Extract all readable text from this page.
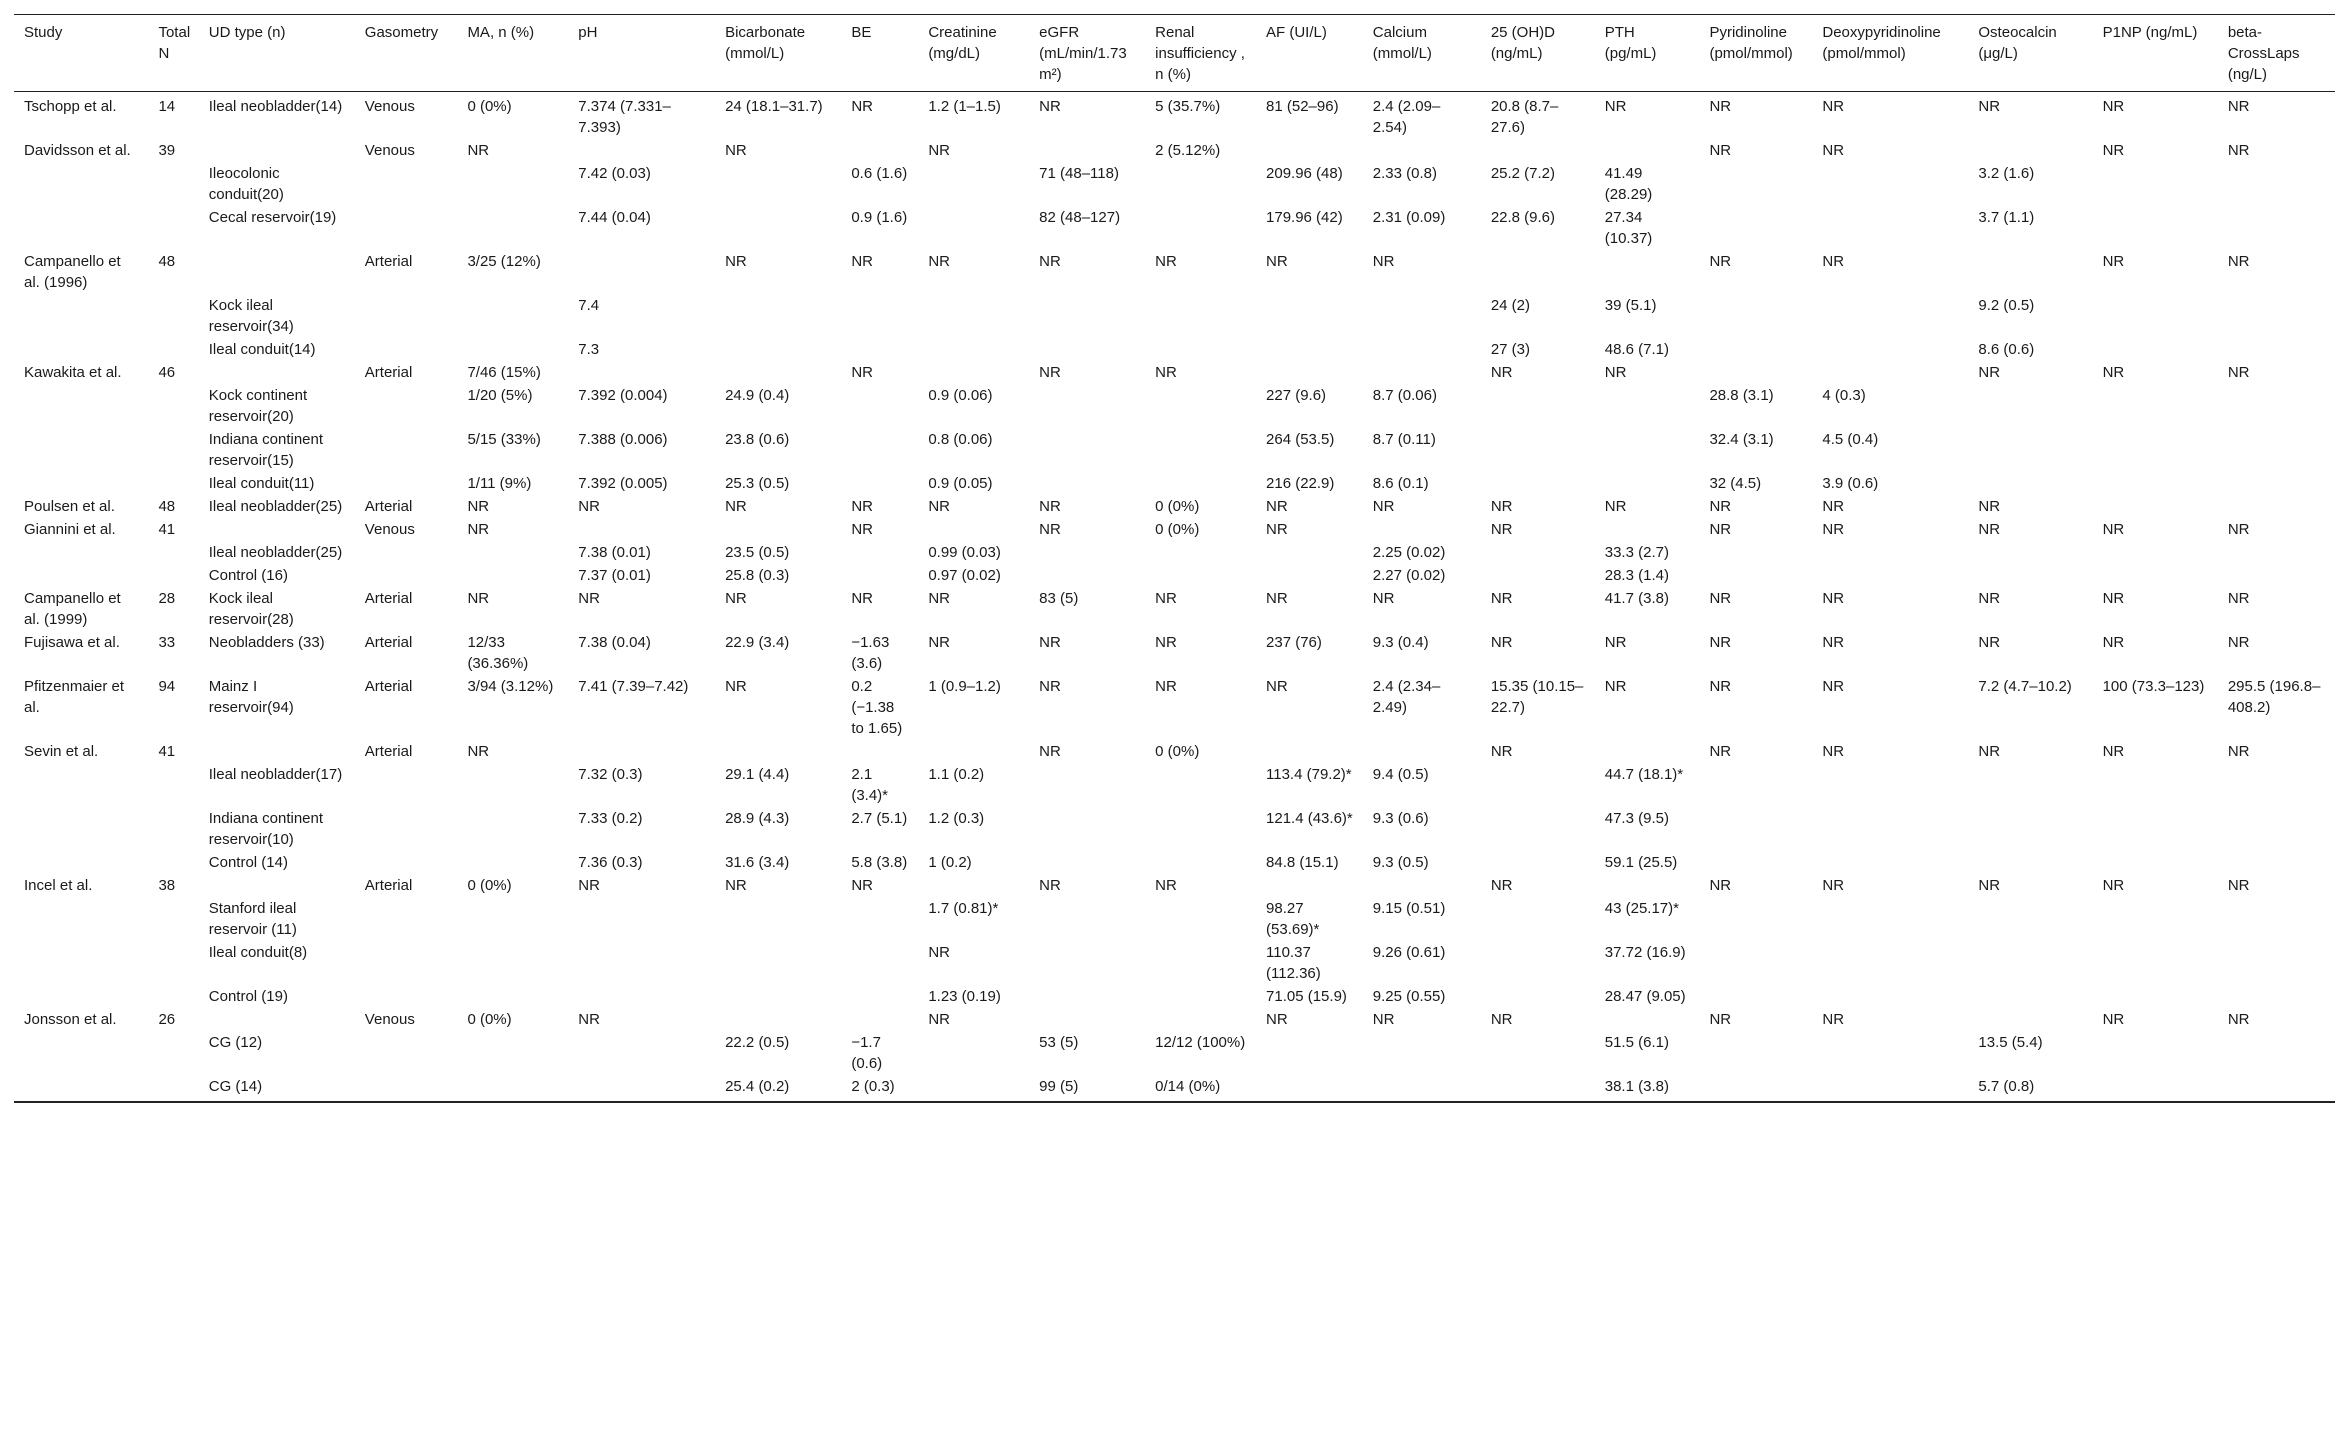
Study	Total N	UD type (n)	Gasometry	MA, n (%)	pH	Bicarbonate (mmol/L)	BE	Creatinine (mg/dL)	eGFR (mL/min/1.73 m²)	Renal insufficiency , n (%)	AF (UI/L)	Calcium (mmol/L)	25 (OH)D (ng/mL)	PTH (pg/mL)	Pyridinoline (pmol/mmol)	Deoxypyridinoline (pmol/mmol)	Osteocalcin (μg/L)	P1NP (ng/mL)	beta-CrossLaps (ng/L)
Tschopp et al.	14	Ileal neobladder(14)	Venous	0 (0%)	7.374 (7.331–7.393)	24 (18.1–31.7)	NR	1.2 (1–1.5)	NR	5 (35.7%)	81 (52–96)	2.4 (2.09–2.54)	20.8 (8.7–27.6)	NR	NR	NR	NR	NR	NR
Davidsson et al.	39		Venous	NR		NR		NR		2 (5.12%)					NR	NR		NR	NR
		Ileocolonic conduit(20)			7.42 (0.03)		0.6 (1.6)		71 (48–118)		209.96 (48)	2.33 (0.8)	25.2 (7.2)	41.49 (28.29)			3.2 (1.6)		
		Cecal reservoir(19)			7.44 (0.04)		0.9 (1.6)		82 (48–127)		179.96 (42)	2.31 (0.09)	22.8 (9.6)	27.34 (10.37)			3.7 (1.1)		
Campanello et al. (1996)	48		Arterial	3/25 (12%)		NR	NR	NR	NR	NR	NR	NR			NR	NR		NR	NR
		Kock ileal reservoir(34)			7.4								24 (2)	39 (5.1)			9.2 (0.5)		
		Ileal conduit(14)			7.3								27 (3)	48.6 (7.1)			8.6 (0.6)		
Kawakita et al.	46		Arterial	7/46 (15%)			NR		NR	NR			NR	NR			NR	NR	NR
		Kock continent reservoir(20)		1/20 (5%)	7.392 (0.004)	24.9 (0.4)		0.9 (0.06)			227 (9.6)	8.7 (0.06)			28.8 (3.1)	4 (0.3)			
		Indiana continent reservoir(15)		5/15 (33%)	7.388 (0.006)	23.8 (0.6)		0.8 (0.06)			264 (53.5)	8.7 (0.11)			32.4 (3.1)	4.5 (0.4)			
		Ileal conduit(11)		1/11 (9%)	7.392 (0.005)	25.3 (0.5)		0.9 (0.05)			216 (22.9)	8.6 (0.1)			32 (4.5)	3.9 (0.6)			
Poulsen et al.	48	Ileal neobladder(25)	Arterial	NR	NR	NR	NR	NR	NR	0 (0%)	NR	NR	NR	NR	NR	NR	NR		
Giannini et al.	41		Venous	NR			NR		NR	0 (0%)	NR		NR		NR	NR	NR	NR	NR
		Ileal neobladder(25)			7.38 (0.01)	23.5 (0.5)		0.99 (0.03)				2.25 (0.02)		33.3 (2.7)					
		Control (16)			7.37 (0.01)	25.8 (0.3)		0.97 (0.02)				2.27 (0.02)		28.3 (1.4)					
Campanello et al. (1999)	28	Kock ileal reservoir(28)	Arterial	NR	NR	NR	NR	NR	83 (5)	NR	NR	NR	NR	41.7 (3.8)	NR	NR	NR	NR	NR
Fujisawa et al.	33	Neobladders (33)	Arterial	12/33 (36.36%)	7.38 (0.04)	22.9 (3.4)	−1.63 (3.6)	NR	NR	NR	237 (76)	9.3 (0.4)	NR	NR	NR	NR	NR	NR	NR
Pfitzenmaier et al.	94	Mainz I reservoir(94)	Arterial	3/94 (3.12%)	7.41 (7.39–7.42)	NR	0.2 (−1.38 to 1.65)	1 (0.9–1.2)	NR	NR	NR	2.4 (2.34–2.49)	15.35 (10.15–22.7)	NR	NR	NR	7.2 (4.7–10.2)	100 (73.3–123)	295.5 (196.8–408.2)
Sevin et al.	41		Arterial	NR					NR	0 (0%)			NR		NR	NR	NR	NR	NR
		Ileal neobladder(17)			7.32 (0.3)	29.1 (4.4)	2.1 (3.4)*	1.1 (0.2)			113.4 (79.2)*	9.4 (0.5)		44.7 (18.1)*					
		Indiana continent reservoir(10)			7.33 (0.2)	28.9 (4.3)	2.7 (5.1)	1.2 (0.3)			121.4 (43.6)*	9.3 (0.6)		47.3 (9.5)					
		Control (14)			7.36 (0.3)	31.6 (3.4)	5.8 (3.8)	1 (0.2)			84.8 (15.1)	9.3 (0.5)		59.1 (25.5)					
Incel et al.	38		Arterial	0 (0%)	NR	NR	NR		NR	NR			NR		NR	NR	NR	NR	NR
		Stanford ileal reservoir (11)						1.7 (0.81)*			98.27 (53.69)*	9.15 (0.51)		43 (25.17)*					
		Ileal conduit(8)						NR			110.37 (112.36)	9.26 (0.61)		37.72 (16.9)					
		Control (19)						1.23 (0.19)			71.05 (15.9)	9.25 (0.55)		28.47 (9.05)					
Jonsson et al.	26		Venous	0 (0%)	NR			NR			NR	NR	NR		NR	NR		NR	NR
		CG (12)				22.2 (0.5)	−1.7 (0.6)		53 (5)	12/12 (100%)				51.5 (6.1)			13.5 (5.4)		
		CG (14)				25.4 (0.2)	2 (0.3)		99 (5)	0/14 (0%)				38.1 (3.8)			5.7 (0.8)		
